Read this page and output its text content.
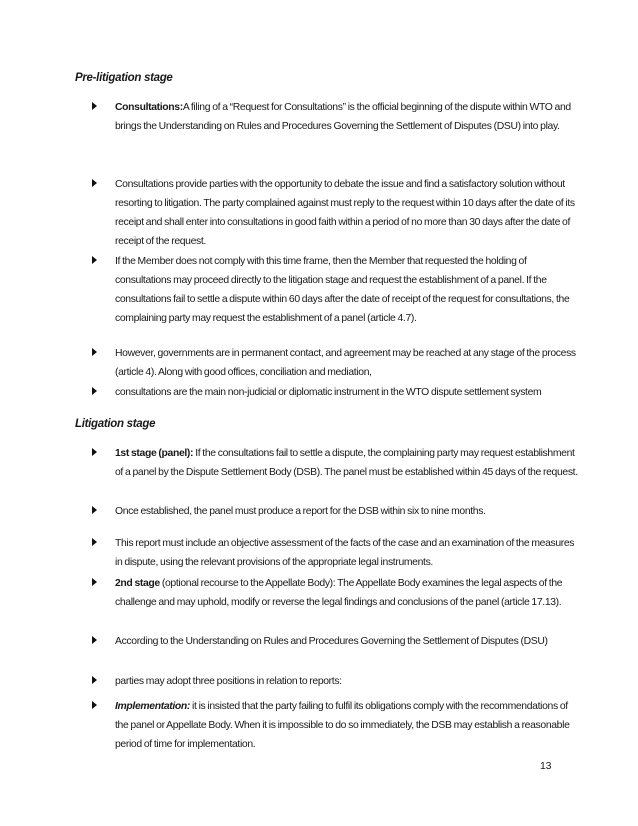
Pre-litigation stage
Consultations:A filing of a “Request for Consultations” is the official beginning of the dispute within WTO and brings the Understanding on Rules and Procedures Governing the Settlement of Disputes (DSU) into play.
Consultations provide parties with the opportunity to debate the issue and find a satisfactory solution without resorting to litigation. The party complained against must reply to the request within 10 days after the date of its receipt and shall enter into consultations in good faith within a period of no more than 30 days after the date of receipt of the request.
If the Member does not comply with this time frame, then the Member that requested the holding of consultations may proceed directly to the litigation stage and request the establishment of a panel. If the consultations fail to settle a dispute within 60 days after the date of receipt of the request for consultations, the complaining party may request the establishment of a panel (article 4.7).
However, governments are in permanent contact, and agreement may be reached at any stage of the process (article 4). Along with good offices, conciliation and mediation,
consultations are the main non-judicial or diplomatic instrument in the WTO dispute settlement system
Litigation stage
1st stage (panel): If the consultations fail to settle a dispute, the complaining party may request establishment of a panel by the Dispute Settlement Body (DSB). The panel must be established within 45 days of the request.
Once established, the panel must produce a report for the DSB within six to nine months.
This report must include an objective assessment of the facts of the case and an examination of the measures in dispute, using the relevant provisions of the appropriate legal instruments.
2nd stage (optional recourse to the Appellate Body): The Appellate Body examines the legal aspects of the challenge and may uphold, modify or reverse the legal findings and conclusions of the panel (article 17.13).
According to the Understanding on Rules and Procedures Governing the Settlement of Disputes (DSU)
parties may adopt three positions in relation to reports:
Implementation: it is insisted that the party failing to fulfil its obligations comply with the recommendations of the panel or Appellate Body. When it is impossible to do so immediately, the DSB may establish a reasonable period of time for implementation.
13
